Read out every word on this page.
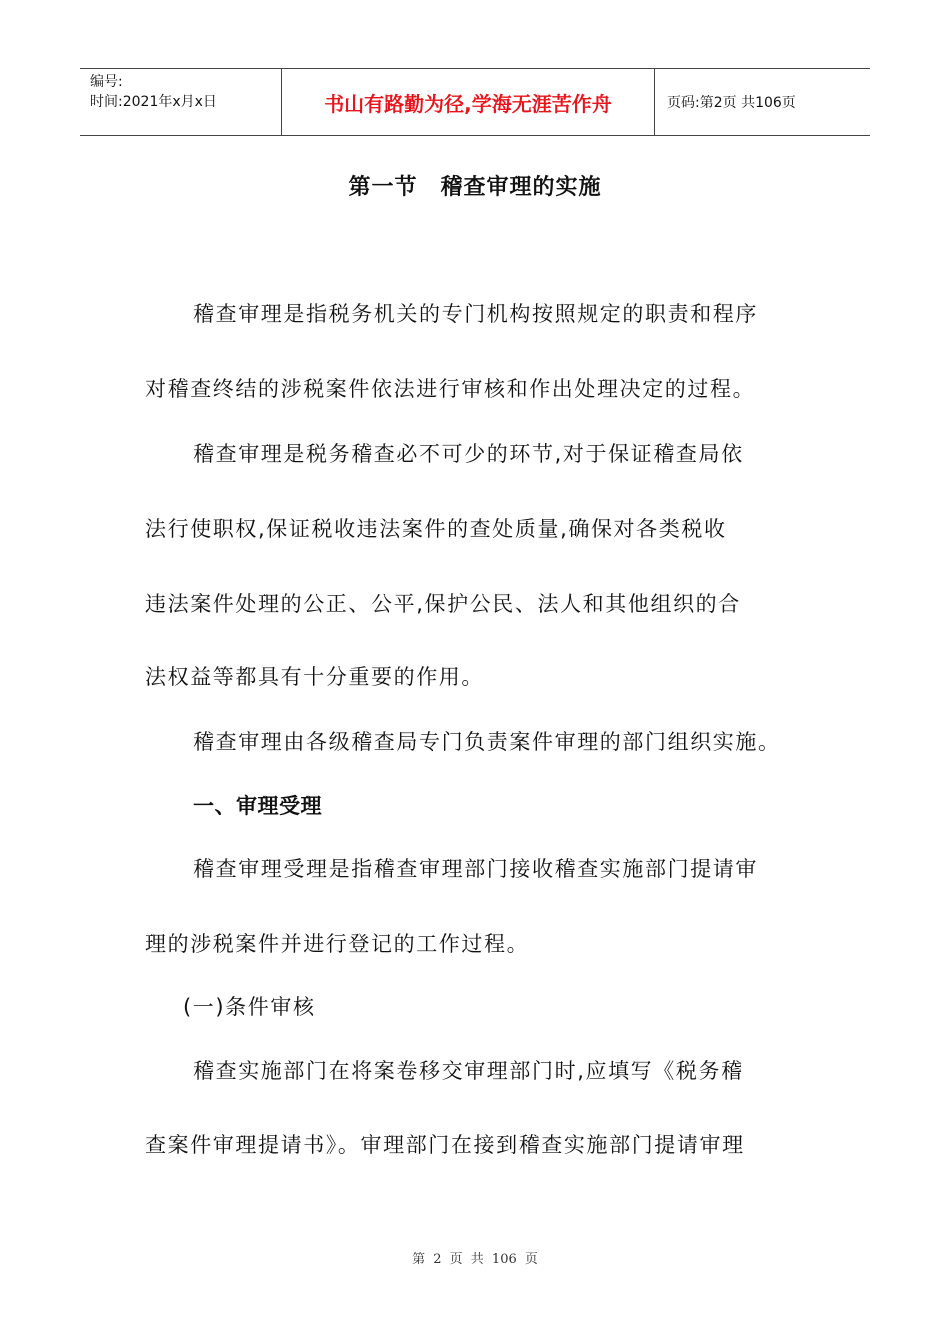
编号:
时间:2021年x月x日	书山有路勤为径,学海无涯苦作舟	页码:第2页 共106页
第一节　稽查审理的实施
稽查审理是指税务机关的专门机构按照规定的职责和程序
对稽查终结的涉税案件依法进行审核和作出处理决定的过程。
稽查审理是税务稽查必不可少的环节,对于保证稽查局依
法行使职权,保证税收违法案件的查处质量,确保对各类税收
违法案件处理的公正、公平,保护公民、法人和其他组织的合
法权益等都具有十分重要的作用。
稽查审理由各级稽查局专门负责案件审理的部门组织实施。
一、审理受理
稽查审理受理是指稽查审理部门接收稽查实施部门提请审
理的涉税案件并进行登记的工作过程。
(一)条件审核
稽查实施部门在将案卷移交审理部门时,应填写《税务稽
查案件审理提请书》。审理部门在接到稽查实施部门提请审理
第 2 页 共 106 页
